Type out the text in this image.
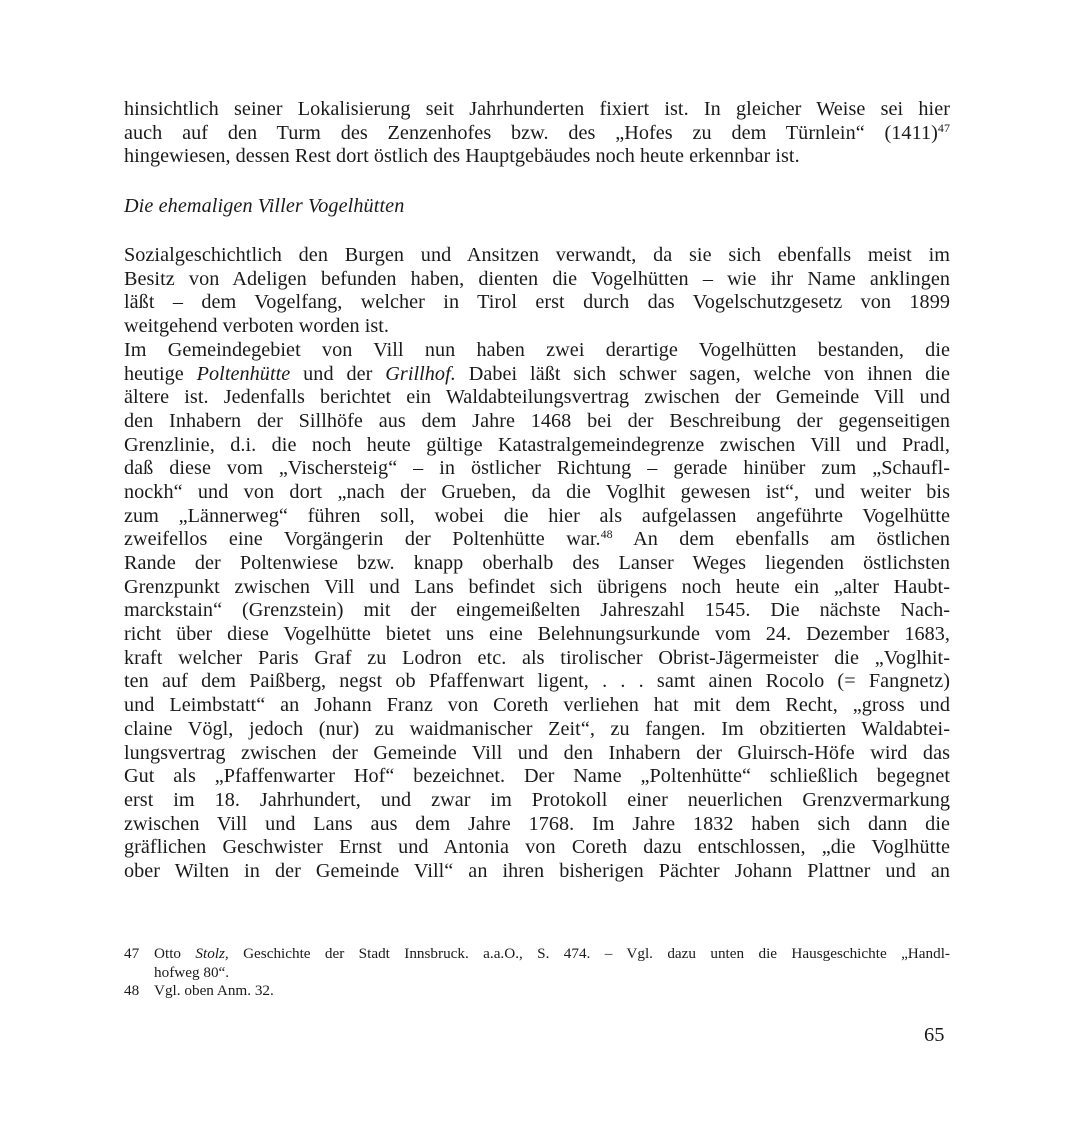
hinsichtlich seiner Lokalisierung seit Jahrhunderten fixiert ist. In gleicher Weise sei hier
auch auf den Turm des Zenzenhofes bzw. des „Hofes zu dem Türnlein“ $(1411)^{47}$
hingewiesen, dessen Rest dort östlich des Hauptgebäudes noch heute erkennbar ist.
Die ehemaligen Viller Vogelhütten
Sozialgeschichtlich den Burgen und Ansitzen verwandt, da sie sich ebenfalls meist im
Besitz von Adeligen befunden haben, dienten die Vogelhütten – wie ihr Name anklingen
läßt – dem Vogelfang, welcher in Tirol erst durch das Vogelschutzgesetz von 1899
weitgehend verboten worden ist.
Im Gemeindegebiet von Vill nun haben zwei derartige Vogelhütten bestanden, die
heutige Poltenhütte und der Grillhof. Dabei läßt sich schwer sagen, welche von ihnen die
ältere ist. Jedenfalls berichtet ein Waldabteilungsvertrag zwischen der Gemeinde Vill und
den Inhabern der Sillhöfe aus dem Jahre 1468 bei der Beschreibung der gegenseitigen
Grenzlinie, d.i. die noch heute gültige Katastralgemeindegrenze zwischen Vill und Pradl,
daß diese vom „Vischersteig“ – in östlicher Richtung – gerade hinüber zum „Schaufl-
nockh“ und von dort „nach der Grueben, da die Voglhit gewesen ist“, und weiter bis
zum „Lännerweg“ führen soll, wobei die hier als aufgelassen angeführte Vogelhütte
zweifellos eine Vorgängerin der Poltenhütte war.$^{48}$ An dem ebenfalls am östlichen
Rande der Poltenwiese bzw. knapp oberhalb des Lanser Weges liegenden östlichsten
Grenzpunkt zwischen Vill und Lans befindet sich übrigens noch heute ein „alter Haubt-
marckstain“ (Grenzstein) mit der eingemeißelten Jahreszahl 1545. Die nächste Nach-
richt über diese Vogelhütte bietet uns eine Belehnungsurkunde vom 24. Dezember 1683,
kraft welcher Paris Graf zu Lodron etc. als tirolischer Obrist-Jägermeister die „Voglhit-
ten auf dem Paißberg, negst ob Pfaffenwart ligent, . . . samt ainen Rocolo (= Fangnetz)
und Leimbstatt“ an Johann Franz von Coreth verliehen hat mit dem Recht, „gross und
claine Vögl, jedoch (nur) zu waidmanischer Zeit“, zu fangen. Im obzitierten Waldabtei-
lungsvertrag zwischen der Gemeinde Vill und den Inhabern der Gluirsch-Höfe wird das
Gut als „Pfaffenwarter Hof“ bezeichnet. Der Name „Poltenhütte“ schließlich begegnet
erst im 18. Jahrhundert, und zwar im Protokoll einer neuerlichen Grenzvermarkung
zwischen Vill und Lans aus dem Jahre 1768. Im Jahre 1832 haben sich dann die
gräflichen Geschwister Ernst und Antonia von Coreth dazu entschlossen, „die Voglhütte
ober Wilten in der Gemeinde Vill“ an ihren bisherigen Pächter Johann Plattner und an
47 Otto Stolz, Geschichte der Stadt Innsbruck. a.a.O., S. 474. – Vgl. dazu unten die Hausgeschichte „Handl-
hofweg 80“.
48 Vgl. oben Anm. 32.
65
